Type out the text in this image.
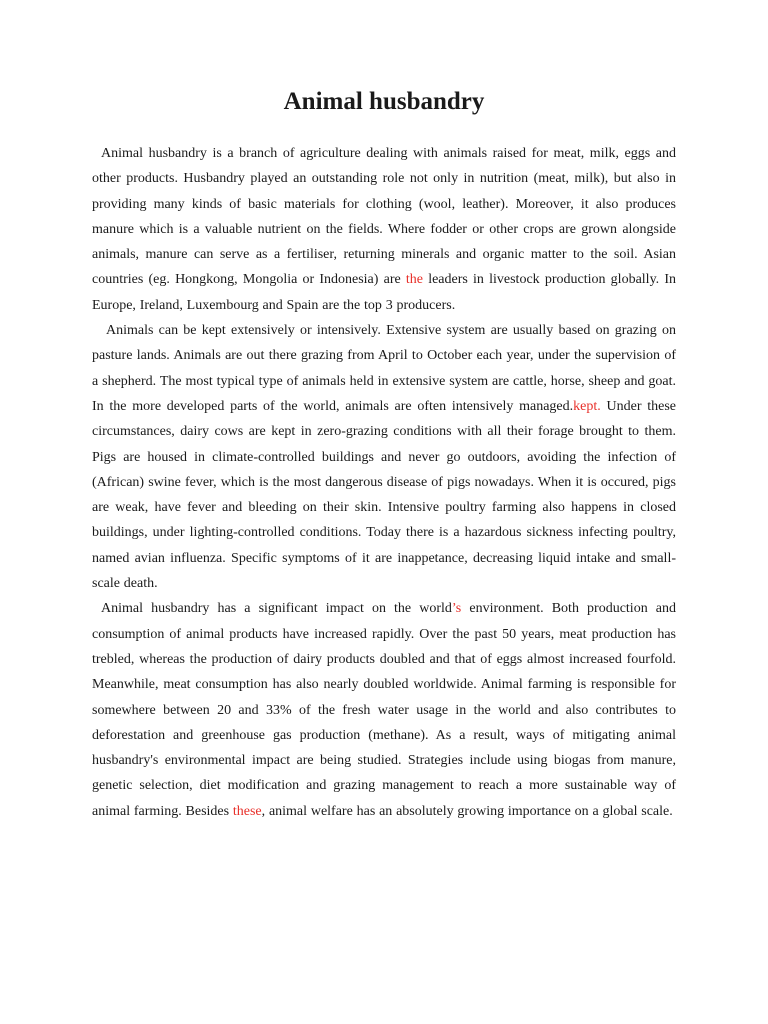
Animal husbandry

Animal husbandry is a branch of agriculture dealing with animals raised for meat, milk, eggs and other products. Husbandry played an outstanding role not only in nutrition (meat, milk), but also in providing many kinds of basic materials for clothing (wool, leather). Moreover, it also produces manure which is a valuable nutrient on the fields. Where fodder or other crops are grown alongside animals, manure can serve as a fertiliser, returning minerals and organic matter to the soil. Asian countries (eg. Hongkong, Mongolia or Indonesia) are the leaders in livestock production globally. In Europe, Ireland, Luxembourg and Spain are the top 3 producers.

Animals can be kept extensively or intensively. Extensive system are usually based on grazing on pasture lands. Animals are out there grazing from April to October each year, under the supervision of a shepherd. The most typical type of animals held in extensive system are cattle, horse, sheep and goat. In the more developed parts of the world, animals are often intensively managed.kept. Under these circumstances, dairy cows are kept in zero-grazing conditions with all their forage brought to them. Pigs are housed in climate-controlled buildings and never go outdoors, avoiding the infection of (African) swine fever, which is the most dangerous disease of pigs nowadays. When it is occured, pigs are weak, have fever and bleeding on their skin. Intensive poultry farming also happens in closed buildings, under lighting-controlled conditions. Today there is a hazardous sickness infecting poultry, named avian influenza. Specific symptoms of it are inappetance, decreasing liquid intake and small-scale death.

Animal husbandry has a significant impact on the world’s environment. Both production and consumption of animal products have increased rapidly. Over the past 50 years, meat production has trebled, whereas the production of dairy products doubled and that of eggs almost increased fourfold. Meanwhile, meat consumption has also nearly doubled worldwide. Animal farming is responsible for somewhere between 20 and 33% of the fresh water usage in the world and also contributes to deforestation and greenhouse gas production (methane). As a result, ways of mitigating animal husbandry's environmental impact are being studied. Strategies include using biogas from manure, genetic selection, diet modification and grazing management to reach a more sustainable way of animal farming. Besides these, animal welfare has an absolutely growing importance on a global scale.
